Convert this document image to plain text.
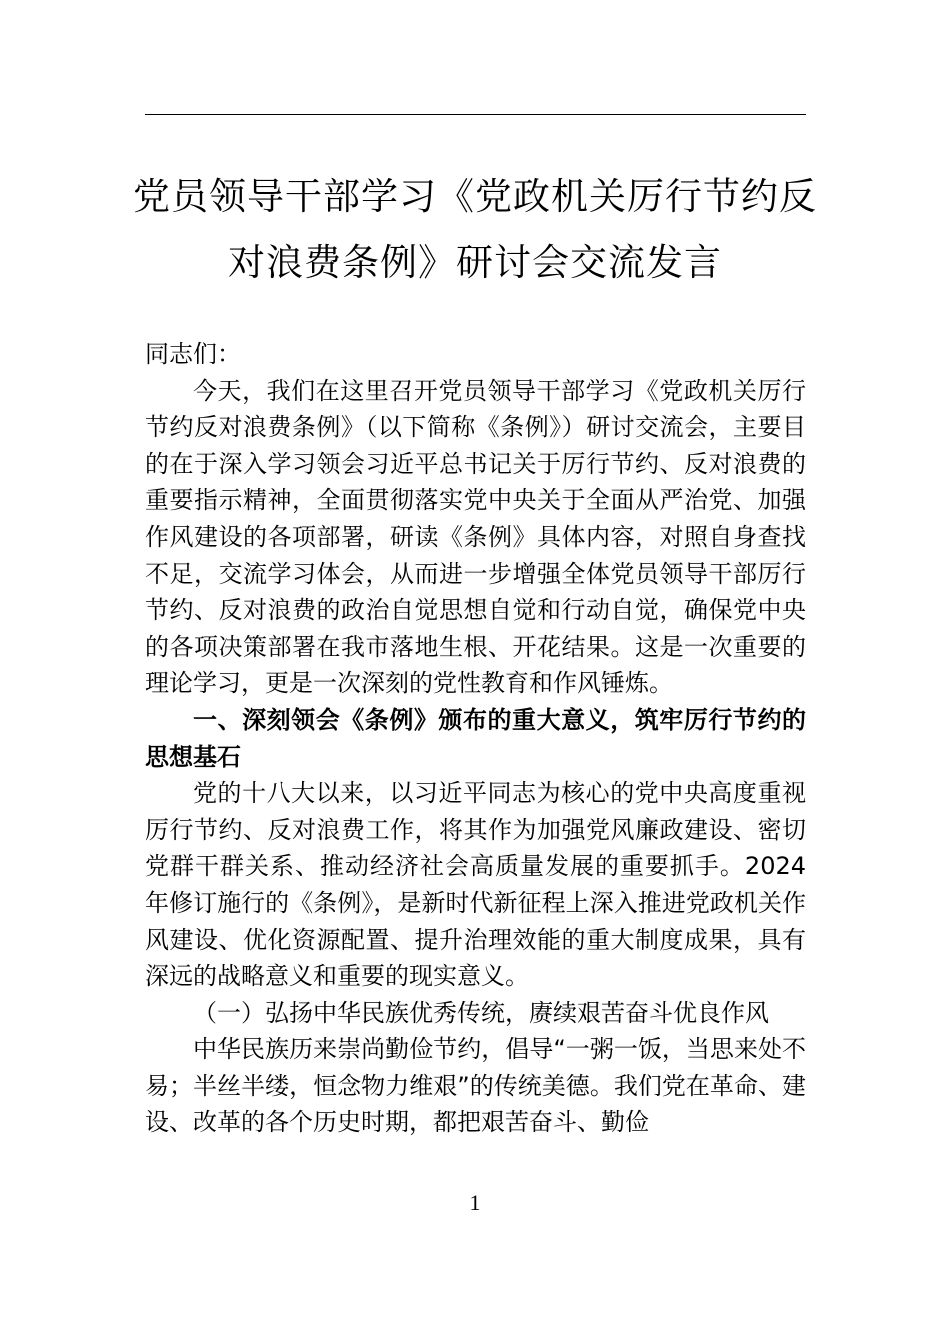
党员领导干部学习《党政机关厉行节约反对浪费条例》研讨会交流发言

同志们：

今天，我们在这里召开党员领导干部学习《党政机关厉行节约反对浪费条例》（以下简称《条例》）研讨交流会，主要目的在于深入学习领会习近平总书记关于厉行节约、反对浪费的重要指示精神，全面贯彻落实党中央关于全面从严治党、加强作风建设的各项部署，研读《条例》具体内容，对照自身查找不足，交流学习体会，从而进一步增强全体党员领导干部厉行节约、反对浪费的政治自觉思想自觉和行动自觉，确保党中央的各项决策部署在我市落地生根、开花结果。这是一次重要的理论学习，更是一次深刻的党性教育和作风锤炼。

一、深刻领会《条例》颁布的重大意义，筑牢厉行节约的思想基石

党的十八大以来，以习近平同志为核心的党中央高度重视厉行节约、反对浪费工作，将其作为加强党风廉政建设、密切党群干群关系、推动经济社会高质量发展的重要抓手。2024年修订施行的《条例》，是新时代新征程上深入推进党政机关作风建设、优化资源配置、提升治理效能的重大制度成果，具有深远的战略意义和重要的现实意义。

（一）弘扬中华民族优秀传统，赓续艰苦奋斗优良作风

中华民族历来崇尚勤俭节约，倡导“一粥一饭，当思来处不易；半丝半缕，恒念物力维艰”的传统美德。我们党在革命、建设、改革的各个历史时期，都把艰苦奋斗、勤俭

1
